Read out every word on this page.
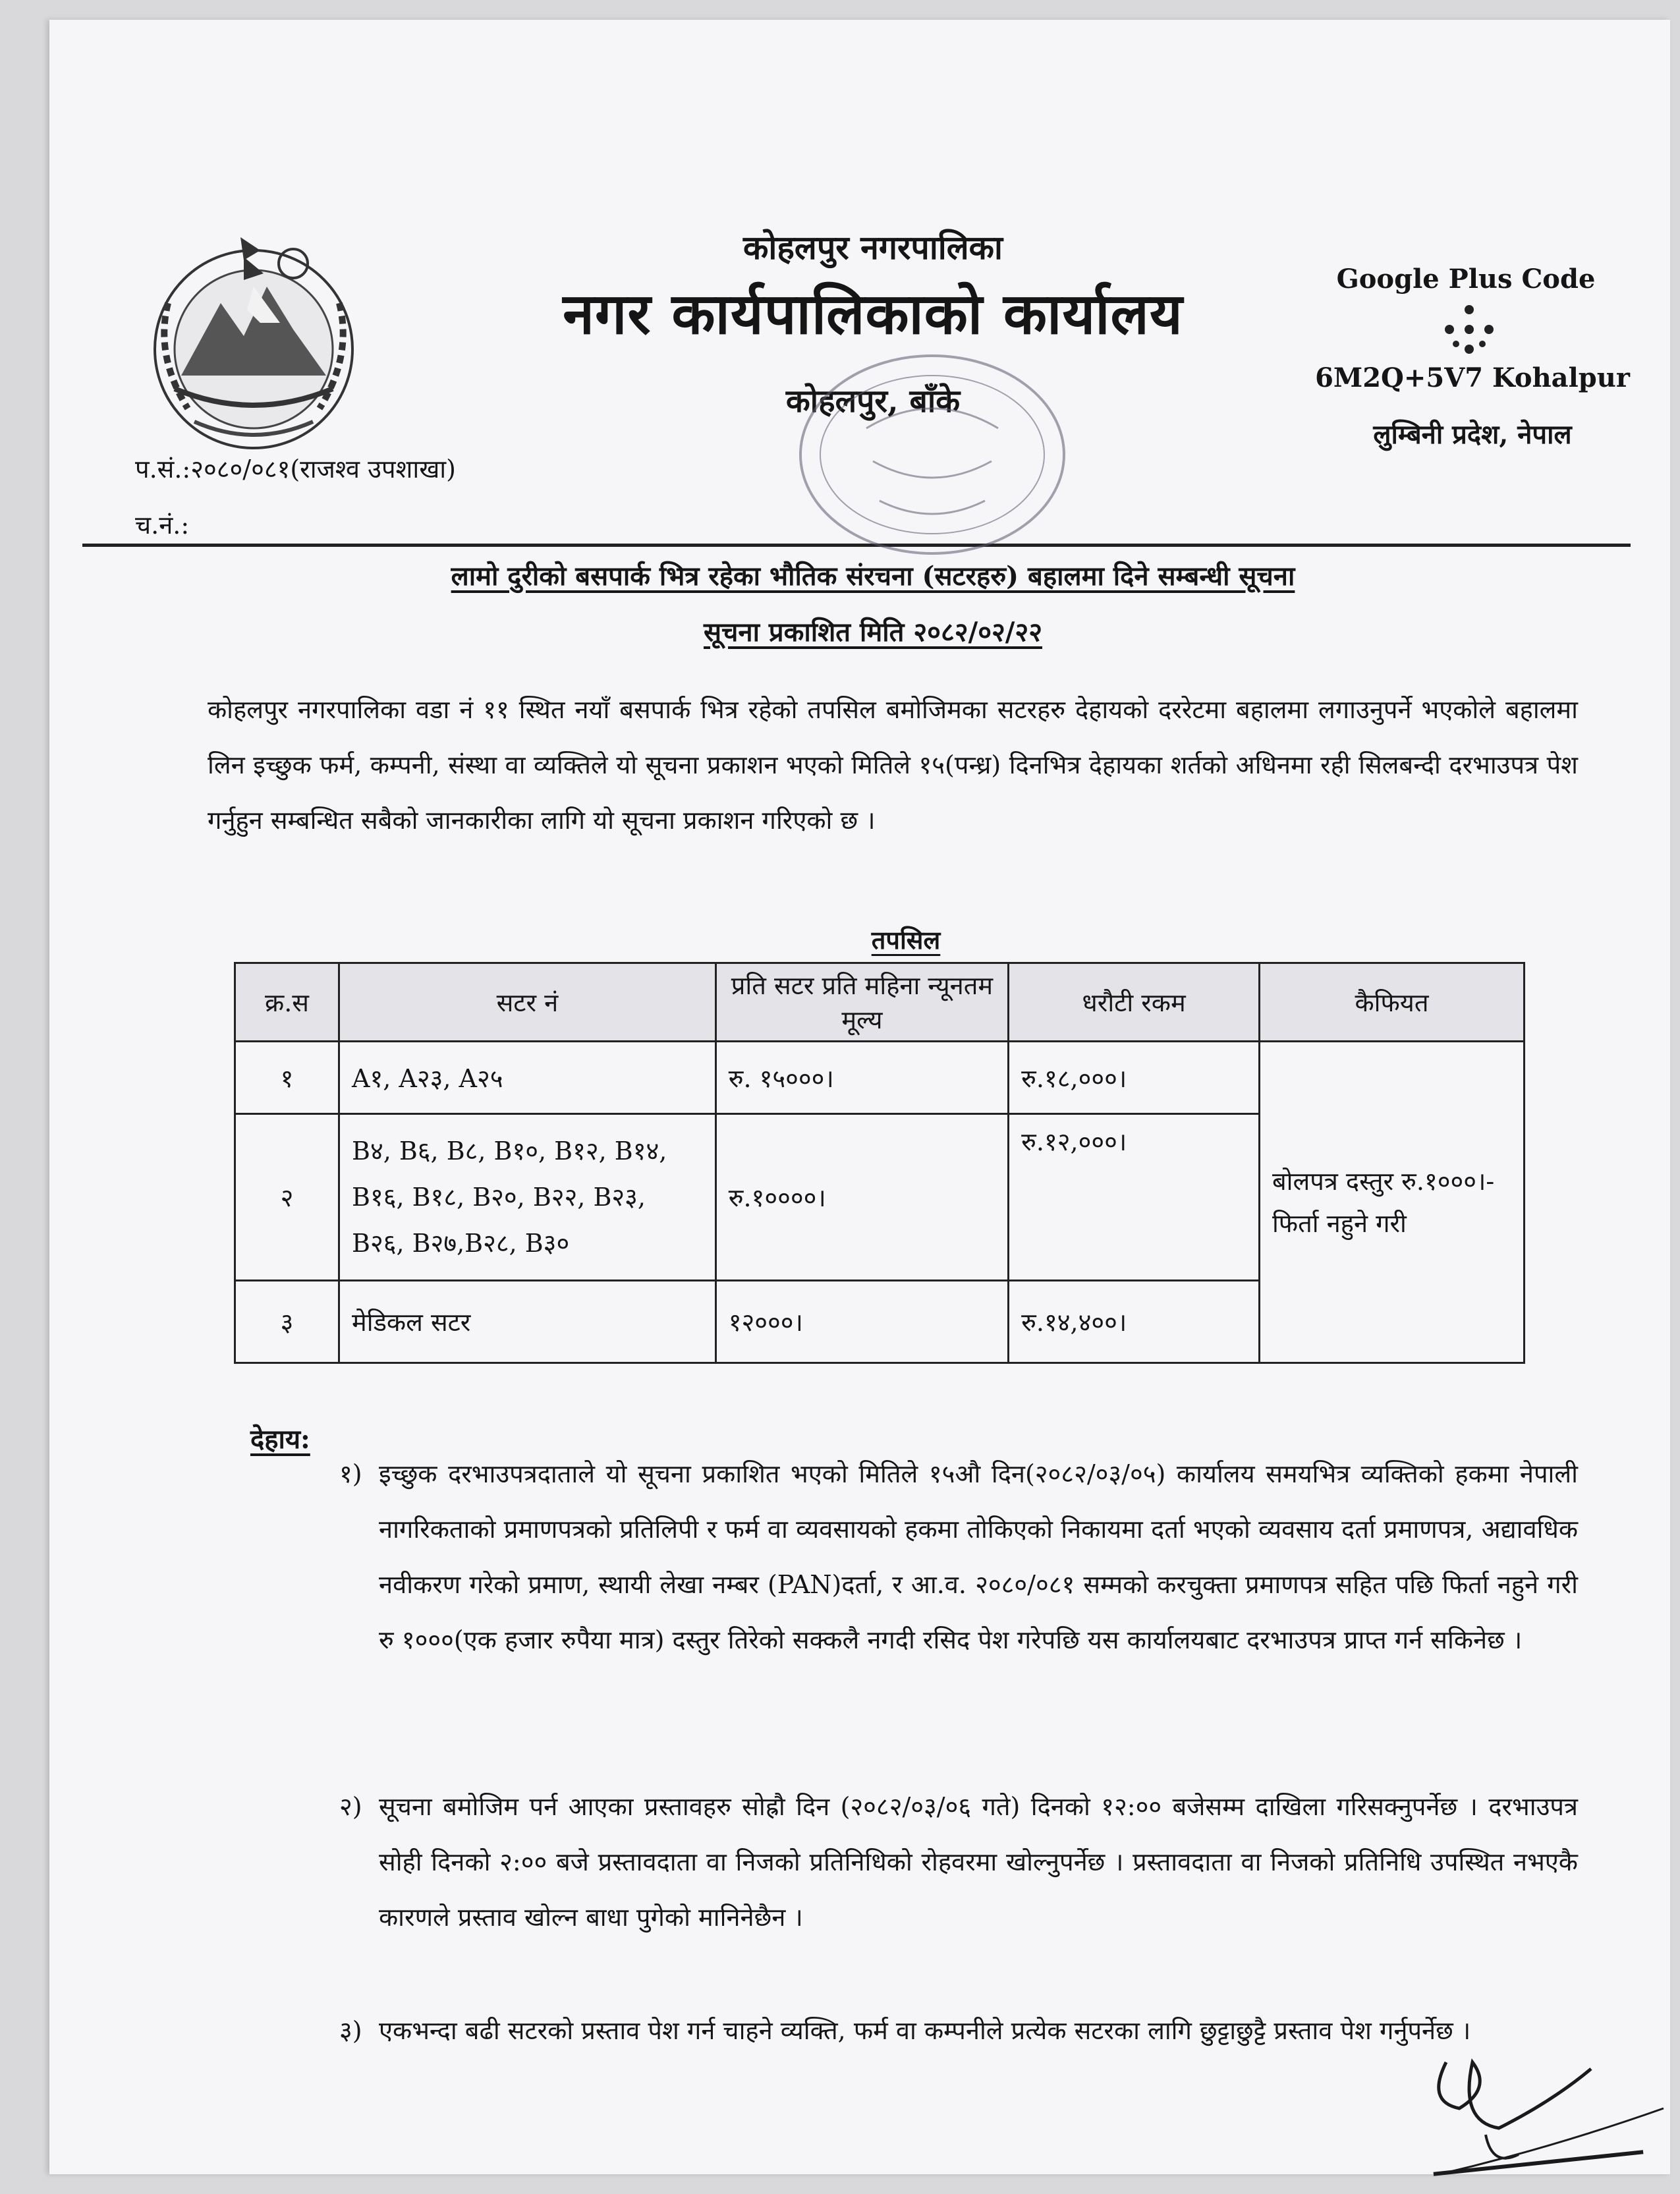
कोहलपुर नगरपालिका
नगर कार्यपालिकाको कार्यालय
कोहलपुर, बाँके
Google Plus Code
6M2Q+5V7 Kohalpur
लुम्बिनी प्रदेश, नेपाल
प.सं.:२०८०/०८१(राजश्व उपशाखा)
च.नं.:
लामो दुरीको बसपार्क भित्र रहेका भौतिक संरचना (सटरहरु) बहालमा दिने सम्बन्धी सूचना
सूचना प्रकाशित मिति २०८२/०२/२२
कोहलपुर नगरपालिका वडा नं ११ स्थित नयाँ बसपार्क भित्र रहेको तपसिल बमोजिमका सटरहरु देहायको दररेटमा बहालमा लगाउनुपर्ने भएकोले बहालमा लिन इच्छुक फर्म, कम्पनी, संस्था वा व्यक्तिले यो सूचना प्रकाशन भएको मितिले १५(पन्ध्र) दिनभित्र देहायका शर्तको अधिनमा रही सिलबन्दी दरभाउपत्र पेश गर्नुहुन सम्बन्धित सबैको जानकारीका लागि यो सूचना प्रकाशन गरिएको छ ।
तपसिल
क्र.स	सटर नं	प्रति सटर प्रति महिना न्यूनतम मूल्य	धरौटी रकम	कैफियत
१	A१, A२३, A२५	रु. १५०००।	रु.१८,०००।	बोलपत्र दस्तुर रु.१०००।- फिर्ता नहुने गरी
२	B४, B६, B८, B१०, B१२, B१४, B१६, B१८, B२०, B२२, B२३, B२६, B२७,B२८, B३०	रु.१००००।	रु.१२,०००।	
३	मेडिकल सटर	१२०००।	रु.१४,४००।	
देहाय:
१) इच्छुक दरभाउपत्रदाताले यो सूचना प्रकाशित भएको मितिले १५औ दिन(२०८२/०३/०५) कार्यालय समयभित्र व्यक्तिको हकमा नेपाली नागरिकताको प्रमाणपत्रको प्रतिलिपी र फर्म वा व्यवसायको हकमा तोकिएको निकायमा दर्ता भएको व्यवसाय दर्ता प्रमाणपत्र, अद्यावधिक नवीकरण गरेको प्रमाण, स्थायी लेखा नम्बर (PAN)दर्ता, र आ.व. २०८०/०८१ सम्मको करचुक्ता प्रमाणपत्र सहित पछि फिर्ता नहुने गरी रु १०००(एक हजार रुपैया मात्र) दस्तुर तिरेको सक्कलै नगदी रसिद पेश गरेपछि यस कार्यालयबाट दरभाउपत्र प्राप्त गर्न सकिनेछ ।
२) सूचना बमोजिम पर्न आएका प्रस्तावहरु सोह्रौ दिन (२०८२/०३/०६ गते) दिनको १२:०० बजेसम्म दाखिला गरिसक्नुपर्नेछ । दरभाउपत्र सोही दिनको २:०० बजे प्रस्तावदाता वा निजको प्रतिनिधिको रोहवरमा खोल्नुपर्नेछ । प्रस्तावदाता वा निजको प्रतिनिधि उपस्थित नभएकै कारणले प्रस्ताव खोल्न बाधा पुगेको मानिनेछैन ।
३) एकभन्दा बढी सटरको प्रस्ताव पेश गर्न चाहने व्यक्ति, फर्म वा कम्पनीले प्रत्येक सटरका लागि छुट्टाछुट्टै प्रस्ताव पेश गर्नुपर्नेछ ।
